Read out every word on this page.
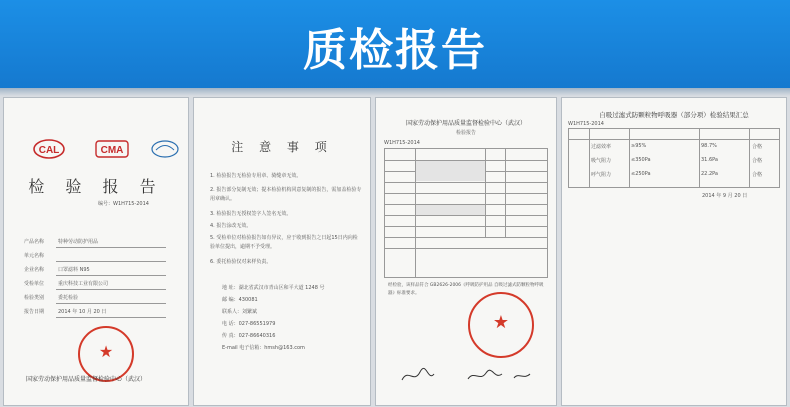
质检报告
CAL	CMA
检 验 报 告
编号：W1H715-2014
产品名称	特种劳动防护用品
单元名称
企业名称	口罩滤料 N95
受检单位	重庆科技工业有限公司
检验类别	委托检验
报告日期	2014 年 10 月 20 日
★
国家劳动保护用品质量监督检验中心（武汉）
注 意 事 项
1. 检验报告无检验专用章、骑缝章无效。
2. 报告部分复制无效；提本检验机构同意复制的报告，需加盖检验专用章确认。
3. 检验报告无授权签字人签名无效。
4. 报告涂改无效。
5. 受检单位对检验报告如有异议，应于收到报告之日起15日内向检验单位提出，逾期不予受理。
6. 委托检验仅对来样负责。
地 址：湖北省武汉市青山区和平大道 1248 号
邮 编：430081
联系人：刘繁斌
电 话：027-86551979
传 真：027-86640316
E-mail 电子信箱：hmsh@163.com
国家劳动保护用品质量监督检验中心（武汉）
检验报告
W1H715-2014
经检验，该样品符合 GB2626-2006《呼吸防护用品 自吸过滤式防颗粒物呼吸器》标准要求。
★
自吸过滤式防颗粒物呼吸器（部分项）检验结果汇总
W1H715-2014
过滤效率	≥95%	98.7%	合格
吸气阻力	≤350Pa	31.6Pa	合格
呼气阻力	≤250Pa	22.2Pa	合格
2014 年 9 月 20 日
